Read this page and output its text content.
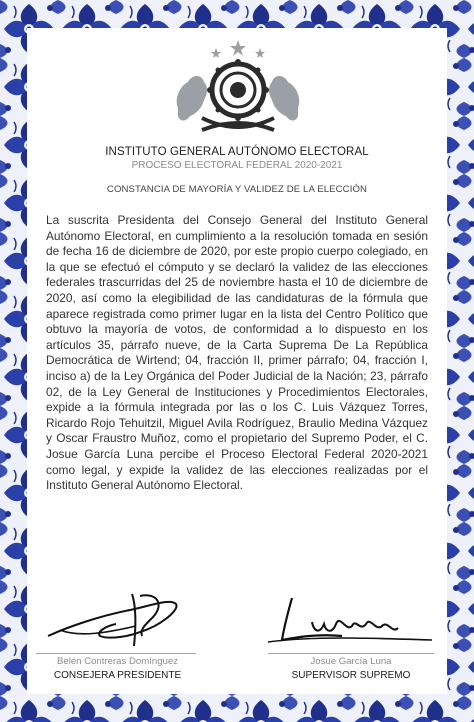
INSTITUTO GENERAL AUTÓNOMO ELECTORAL
PROCESO ELECTORAL FEDERAL 2020-2021
CONSTANCIA DE MAYORÍA Y VALIDEZ DE LA ELECCIÓN
La suscrita Presidenta del Consejo General del Instituto General Autónomo Electoral, en cumplimiento a la resolución tomada en sesión de fecha 16 de diciembre de 2020, por este propio cuerpo colegiado, en la que se efectuó el cómputo y se declaró la validez de las elecciones federales trascurridas del 25 de noviembre hasta el 10 de diciembre de 2020, así como la elegibilidad de las candidaturas de la fórmula que aparece registrada como primer lugar en la lista del Centro Político que obtuvo la mayoría de votos, de conformidad a lo dispuesto en los artículos 35, párrafo nueve, de la Carta Suprema De La República Democrática de Wirtend; 04, fracción II, primer párrafo; 04, fracción I, inciso a) de la Ley Orgánica del Poder Judicial de la Nación; 23, párrafo 02, de la Ley General de Instituciones y Procedimientos Electorales, expide a la fórmula integrada por las o los C. Luis Vázquez Torres, Ricardo Rojo Tehuitzil, Miguel Avila Rodríguez, Braulio Medina Vázquez y Oscar Fraustro Muñoz, como el propietario del Supremo Poder, el C. Josue García Luna percibe el Proceso Electoral Federal 2020-2021 como legal, y expide la validez de las elecciones realizadas por el Instituto General Autónomo Electoral.
Belén Contreras Domínguez
CONSEJERA PRESIDENTE
Josue García Luna
SUPERVISOR SUPREMO
